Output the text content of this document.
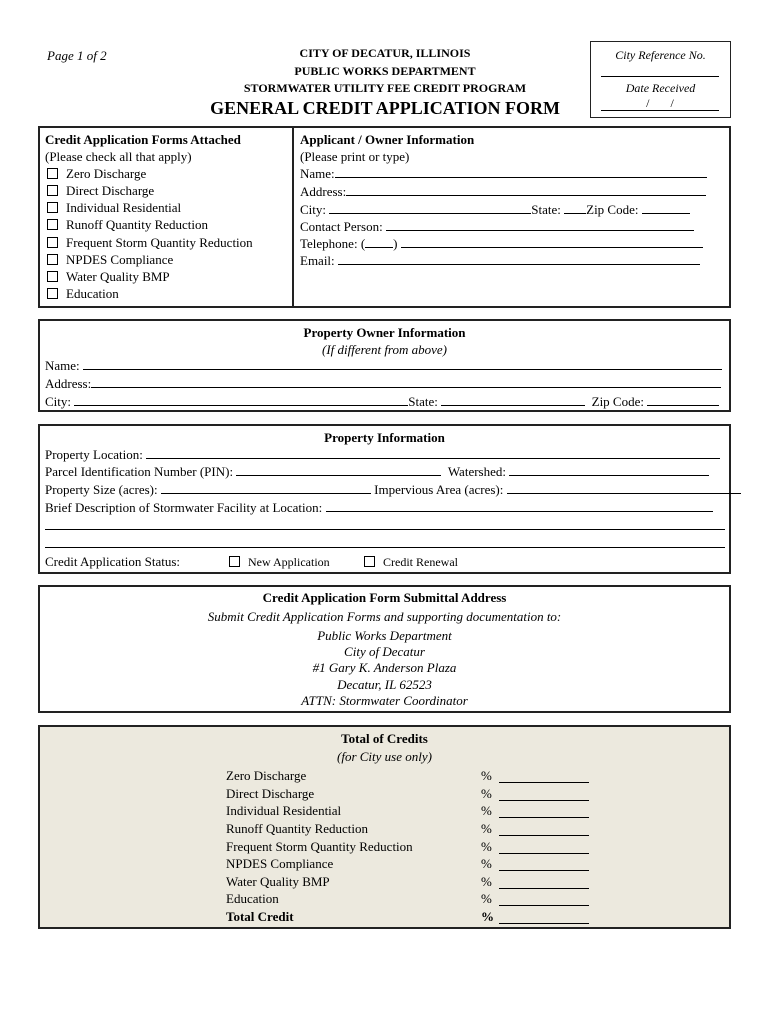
Page 1 of 2	CITY OF DECATUR, ILLINOIS
PUBLIC WORKS DEPARTMENT
STORMWATER UTILITY FEE CREDIT PROGRAM
GENERAL CREDIT APPLICATION FORM
City Reference No.
Date Received
/       /
Credit Application Forms Attached
(Please check all that apply)
Zero Discharge
Direct Discharge
Individual Residential
Runoff Quantity Reduction
Frequent Storm Quantity Reduction
NPDES Compliance
Water Quality BMP
Education
Applicant / Owner Information
(Please print or type)
Name:
Address:
City:	State: Zip Code:
Contact Person:
Telephone: ( )
Email:
Property Owner Information
(If different from above)
Name:
Address:
City:	State:	Zip Code:
Property Information
Property Location:
Parcel Identification Number (PIN):	Watershed:
Property Size (acres):	Impervious Area (acres):
Brief Description of Stormwater Facility at Location:
Credit Application Status:	New Application	Credit Renewal
Credit Application Form Submittal Address
Submit Credit Application Forms and supporting documentation to:
Public Works Department
City of Decatur
#1 Gary K. Anderson Plaza
Decatur, IL 62523
ATTN: Stormwater Coordinator
Total of Credits
(for City use only)
Zero Discharge	%
Direct Discharge	%
Individual Residential	%
Runoff Quantity Reduction	%
Frequent Storm Quantity Reduction	%
NPDES Compliance	%
Water Quality BMP	%
Education	%
Total Credit	%
